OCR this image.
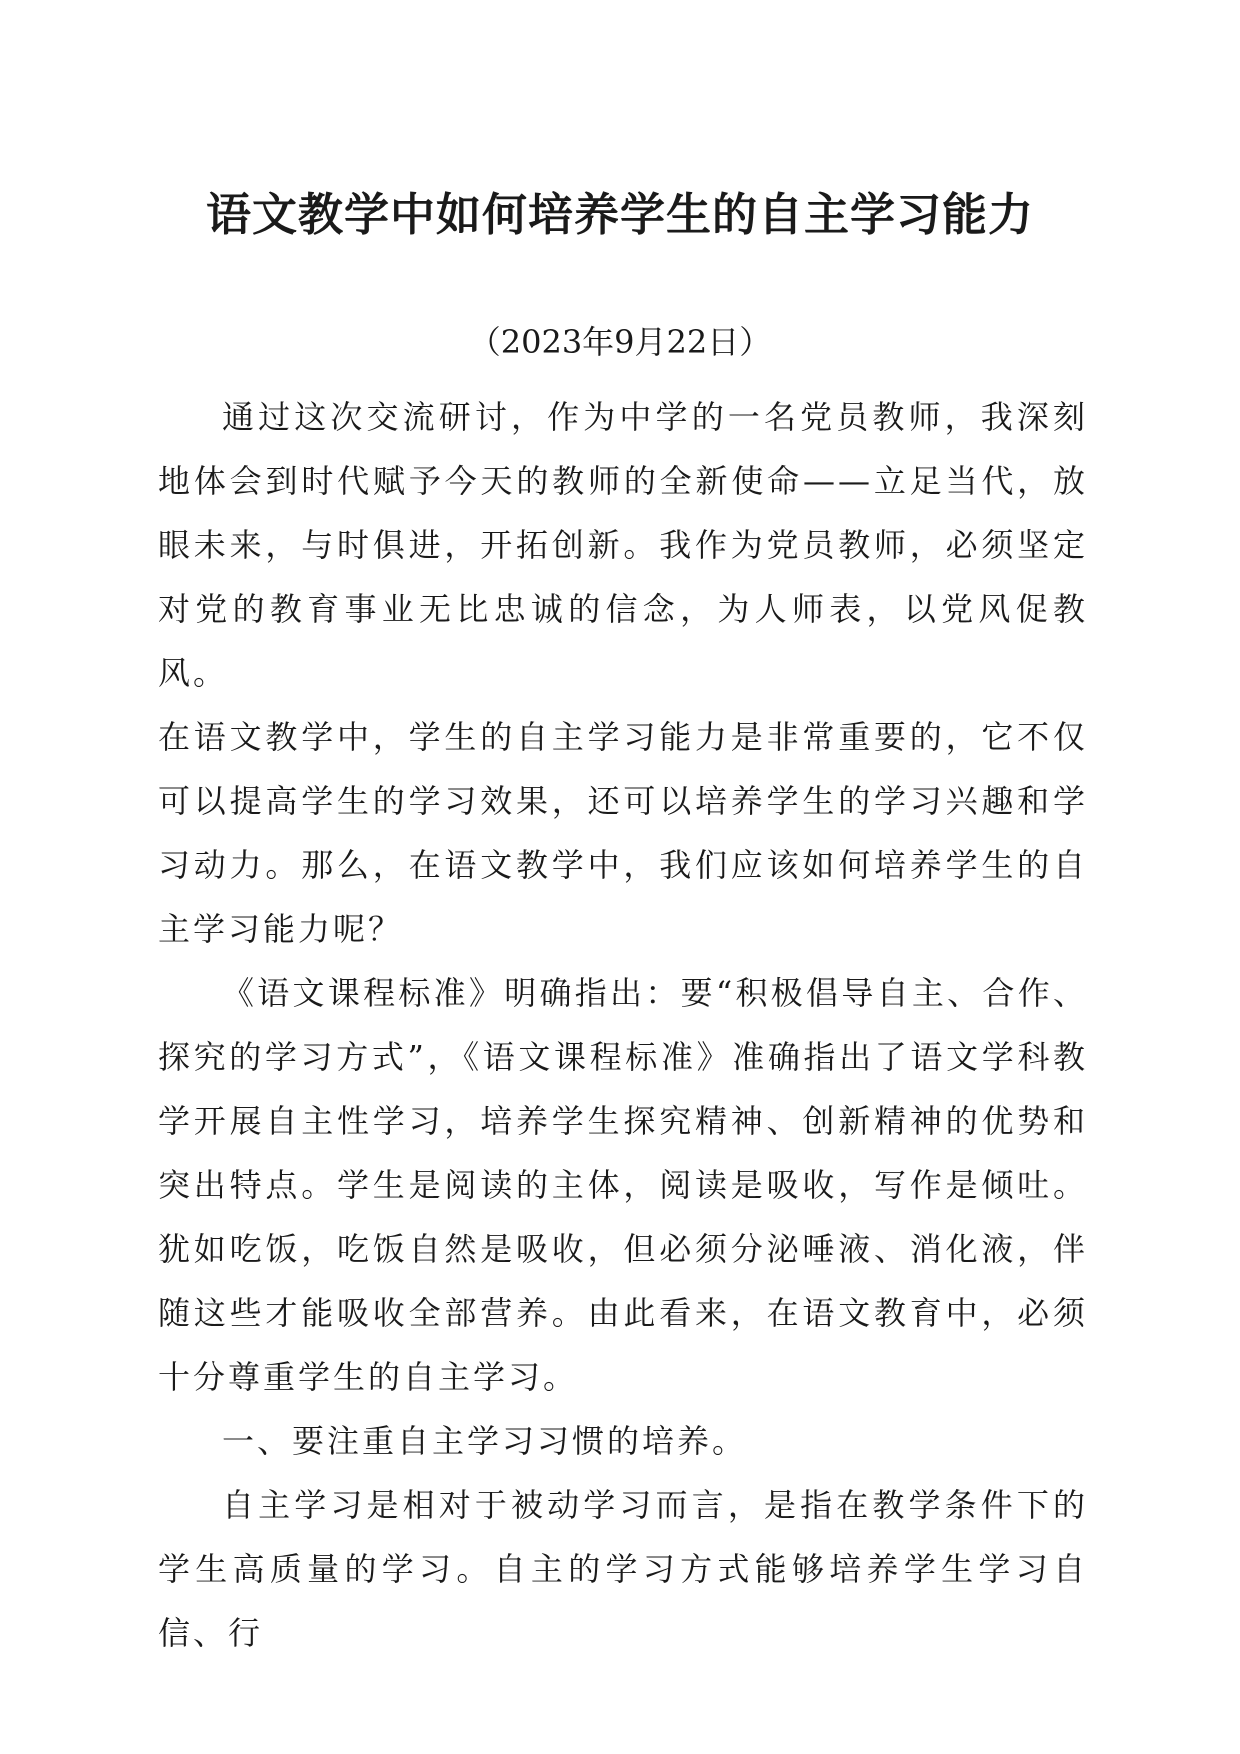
语文教学中如何培养学生的自主学习能力

（2023年9月22日）

通过这次交流研讨，作为中学的一名党员教师，我深刻地体会到时代赋予今天的教师的全新使命——立足当代，放眼未来，与时俱进，开拓创新。我作为党员教师，必须坚定对党的教育事业无比忠诚的信念，为人师表，以党风促教风。

在语文教学中，学生的自主学习能力是非常重要的，它不仅可以提高学生的学习效果，还可以培养学生的学习兴趣和学习动力。那么，在语文教学中，我们应该如何培养学生的自主学习能力呢？

《语文课程标准》明确指出：要“积极倡导自主、合作、探究的学习方式”，《语文课程标准》准确指出了语文学科教学开展自主性学习，培养学生探究精神、创新精神的优势和突出特点。学生是阅读的主体，阅读是吸收，写作是倾吐。犹如吃饭，吃饭自然是吸收，但必须分泌唾液、消化液，伴随这些才能吸收全部营养。由此看来，在语文教育中，必须十分尊重学生的自主学习。

一、要注重自主学习习惯的培养。

自主学习是相对于被动学习而言，是指在教学条件下的学生高质量的学习。自主的学习方式能够培养学生学习自信、行
